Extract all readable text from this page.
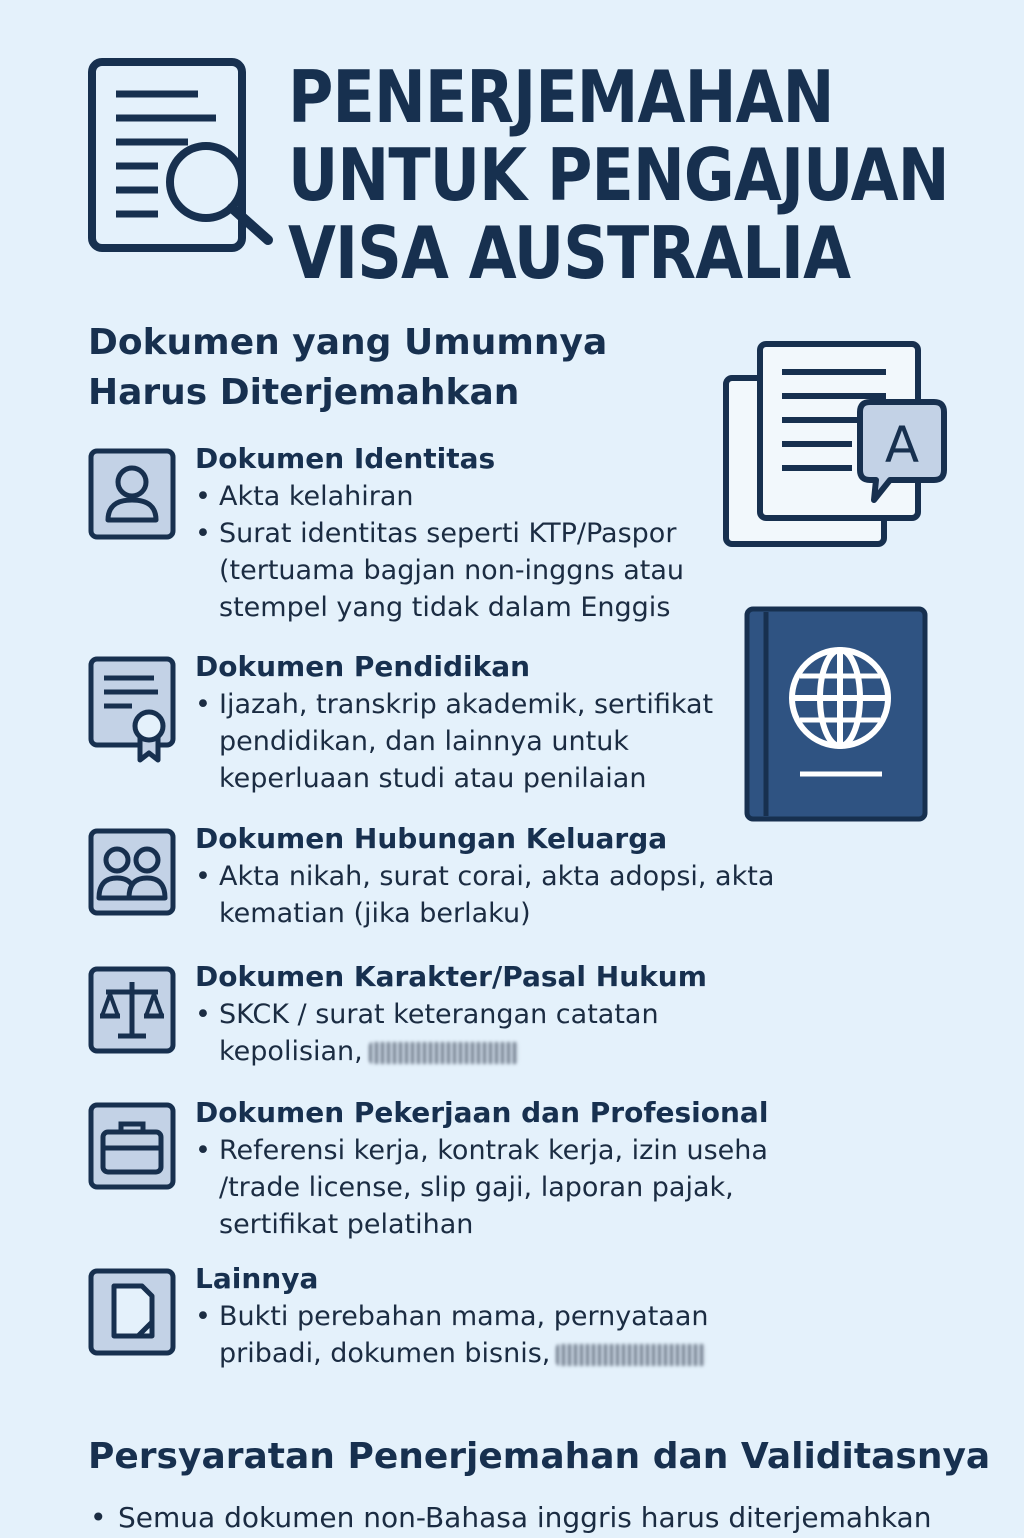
PENERJEMAHAN
UNTUK PENGAJUAN
VISA AUSTRALIA
Dokumen yang Umumnya
Harus Diterjemahkan
Dokumen Identitas
• Akta kelahiran
• Surat identitas seperti KTP/Paspor (tertuama bagjan non-inggns atau stempel yang tidak dalam Enggis
Dokumen Pendidikan
• Ijazah, transkrip akademik, sertifikat pendidikan, dan lainnya untuk keperluaan studi atau penilaian
Dokumen Hubungan Keluarga
• Akta nikah, surat corai, akta adopsi, akta kematian (jika berlaku)
Dokumen Karakter/Pasal Hukum
• SKCK / surat keterangan catatan kepolisian,
Dokumen Pekerjaan dan Profesional
• Referensi kerja, kontrak kerja, izin useha /trade license, slip gaji, laporan pajak, sertifikat pelatihan
Lainnya
• Bukti perebahan mama, pernyataan pribadi, dokumen bisnis,
A
Persyaratan Penerjemahan dan Validitasnya
• Semua dokumen non-Bahasa inggris harus diterjemahkan
